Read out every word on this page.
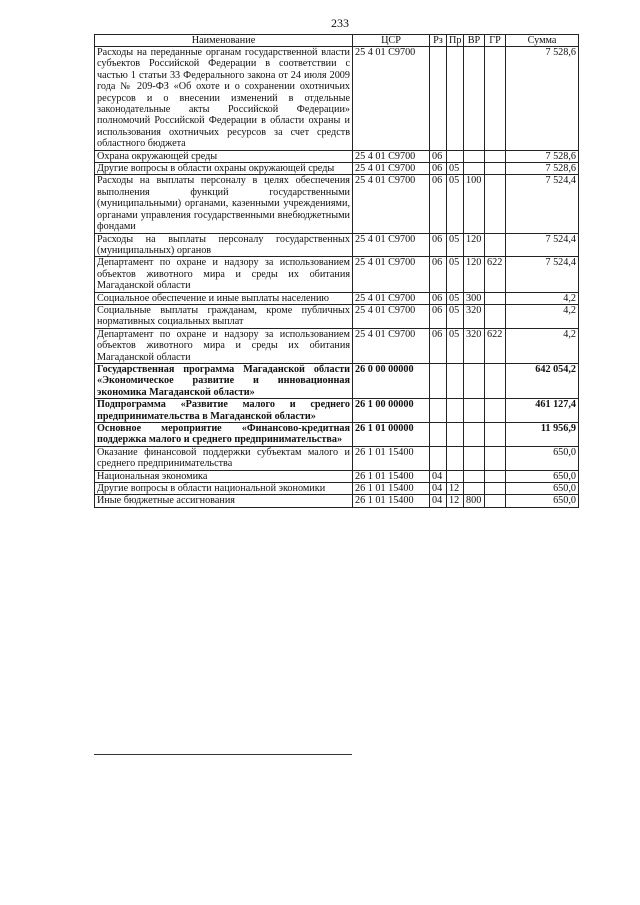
233
Наименование	ЦСР	Рз	Пр	ВР	ГР	Сумма
Расходы на переданные органам государственной власти субъектов Российской Федерации в соответствии с частью 1 статьи 33 Федерального закона от 24 июля 2009 года № 209-ФЗ «Об охоте и о сохранении охотничьих ресурсов и о внесении изменений в отдельные законодательные акты Российской Федерации» полномочий Российской Федерации в области охраны и использования охотничьих ресурсов за счет средств областного бюджета	25 4 01 С9700					7 528,6
Охрана окружающей среды	25 4 01 С9700	06				7 528,6
Другие вопросы в области охраны окружающей среды	25 4 01 С9700	06	05			7 528,6
Расходы на выплаты персоналу в целях обеспечения выполнения функций государственными (муниципальными) органами, казенными учреждениями, органами управления государственными внебюджетными фондами	25 4 01 С9700	06	05	100		7 524,4
Расходы на выплаты персоналу государственных (муниципальных) органов	25 4 01 С9700	06	05	120		7 524,4
Департамент по охране и надзору за использованием объектов животного мира и среды их обитания Магаданской области	25 4 01 С9700	06	05	120	622	7 524,4
Социальное обеспечение и иные выплаты населению	25 4 01 С9700	06	05	300		4,2
Социальные выплаты гражданам, кроме публичных нормативных социальных выплат	25 4 01 С9700	06	05	320		4,2
Департамент по охране и надзору за использованием объектов животного мира и среды их обитания Магаданской области	25 4 01 С9700	06	05	320	622	4,2
Государственная программа Магаданской области «Экономическое развитие и инновационная экономика Магаданской области»	26 0 00 00000					642 054,2
Подпрограмма «Развитие малого и среднего предпринимательства в Магаданской области»	26 1 00 00000					461 127,4
Основное мероприятие «Финансово-кредитная поддержка малого и среднего предпринимательства»	26 1 01 00000					11 956,9
Оказание финансовой поддержки субъектам малого и среднего предпринимательства	26 1 01 15400					650,0
Национальная экономика	26 1 01 15400	04				650,0
Другие вопросы в области национальной экономики	26 1 01 15400	04	12			650,0
Иные бюджетные ассигнования	26 1 01 15400	04	12	800		650,0
